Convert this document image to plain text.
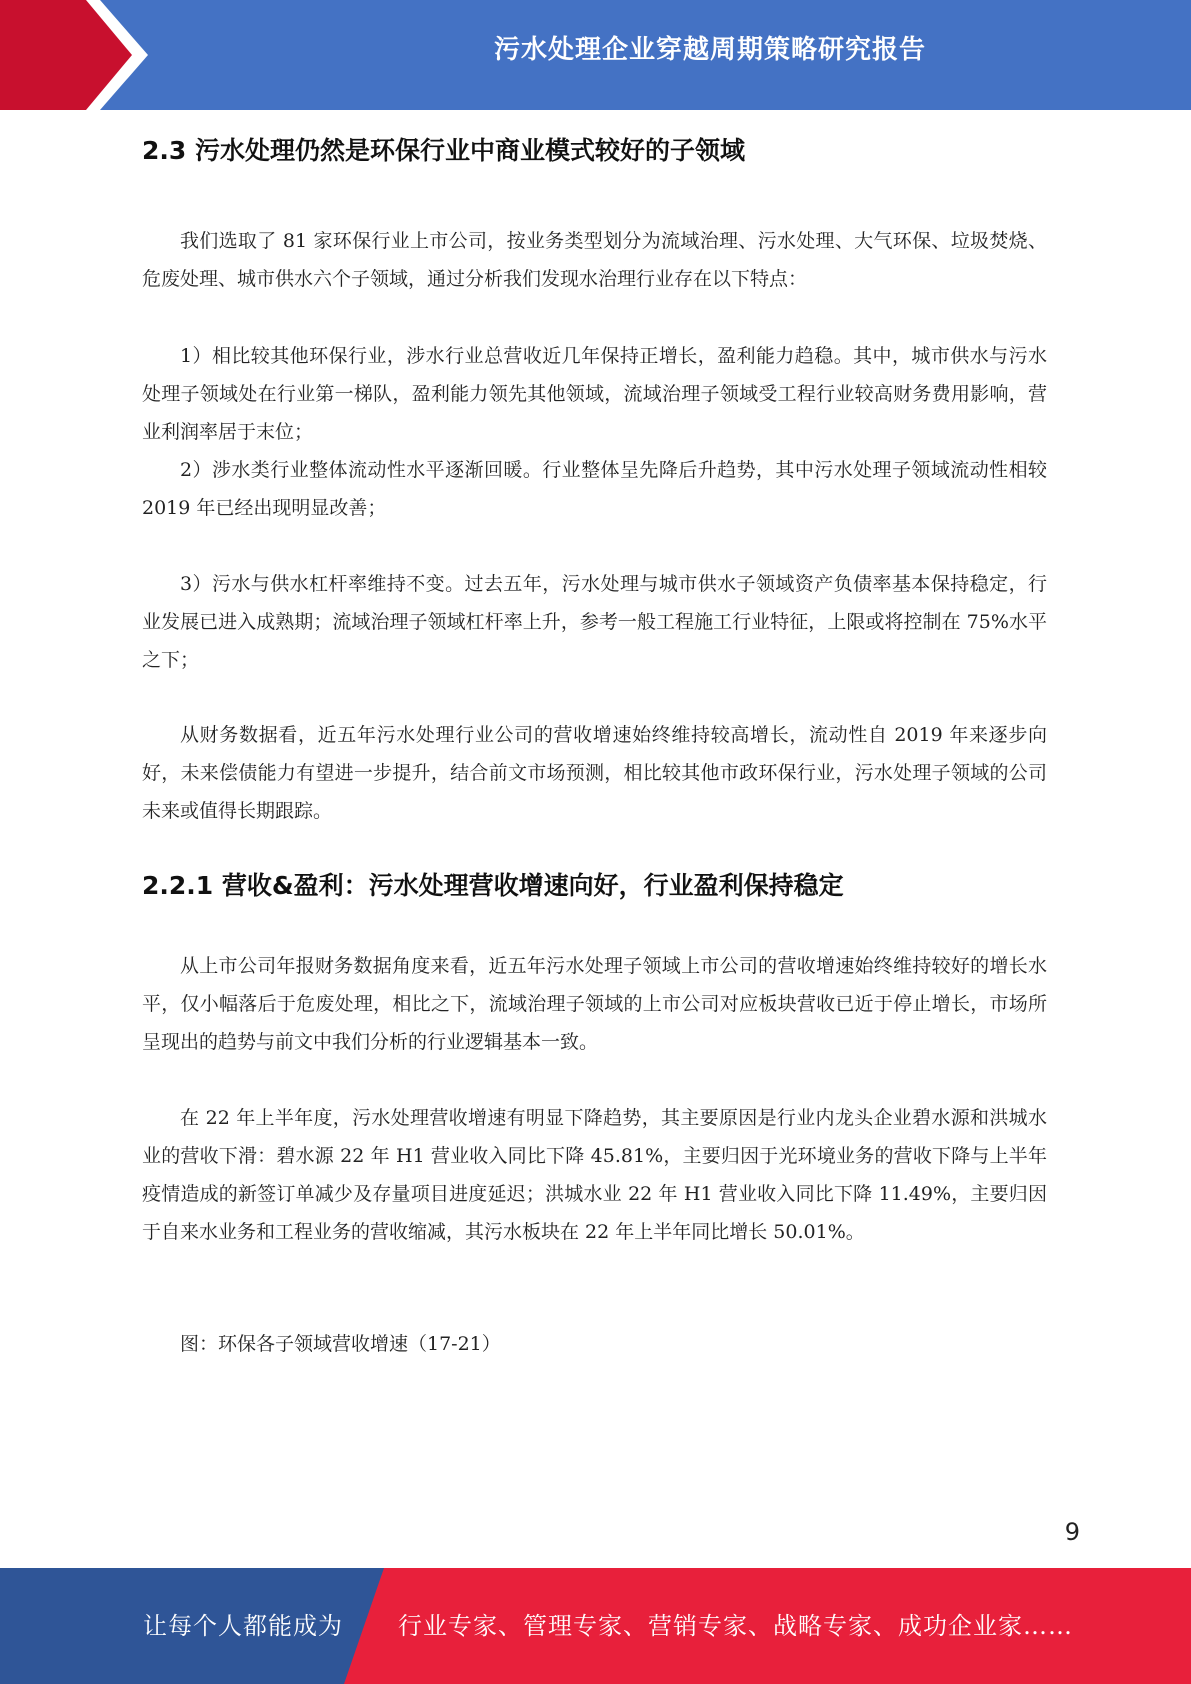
污水处理企业穿越周期策略研究报告
2.3 污水处理仍然是环保行业中商业模式较好的子领域

我们选取了 81 家环保行业上市公司，按业务类型划分为流域治理、污水处理、大气环保、垃圾焚烧、危废处理、城市供水六个子领域，通过分析我们发现水治理行业存在以下特点：

1）相比较其他环保行业，涉水行业总营收近几年保持正增长，盈利能力趋稳。其中，城市供水与污水处理子领域处在行业第一梯队，盈利能力领先其他领域，流域治理子领域受工程行业较高财务费用影响，营业利润率居于末位；

2）涉水类行业整体流动性水平逐渐回暖。行业整体呈先降后升趋势，其中污水处理子领域流动性相较 2019 年已经出现明显改善；

3）污水与供水杠杆率维持不变。过去五年，污水处理与城市供水子领域资产负债率基本保持稳定，行业发展已进入成熟期；流域治理子领域杠杆率上升，参考一般工程施工行业特征，上限或将控制在 75%水平之下；

从财务数据看，近五年污水处理行业公司的营收增速始终维持较高增长，流动性自 2019 年来逐步向好，未来偿债能力有望进一步提升，结合前文市场预测，相比较其他市政环保行业，污水处理子领域的公司未来或值得长期跟踪。

2.2.1 营收&盈利：污水处理营收增速向好，行业盈利保持稳定

从上市公司年报财务数据角度来看，近五年污水处理子领域上市公司的营收增速始终维持较好的增长水平，仅小幅落后于危废处理，相比之下，流域治理子领域的上市公司对应板块营收已近于停止增长，市场所呈现出的趋势与前文中我们分析的行业逻辑基本一致。

在 22 年上半年度，污水处理营收增速有明显下降趋势，其主要原因是行业内龙头企业碧水源和洪城水业的营收下滑：碧水源 22 年 H1 营业收入同比下降 45.81%，主要归因于光环境业务的营收下降与上半年疫情造成的新签订单减少及存量项目进度延迟；洪城水业 22 年 H1 营业收入同比下降 11.49%，主要归因于自来水业务和工程业务的营收缩减，其污水板块在 22 年上半年同比增长 50.01%。

图：环保各子领域营收增速（17-21）

9
让每个人都能成为 行业专家、管理专家、营销专家、战略专家、成功企业家……
